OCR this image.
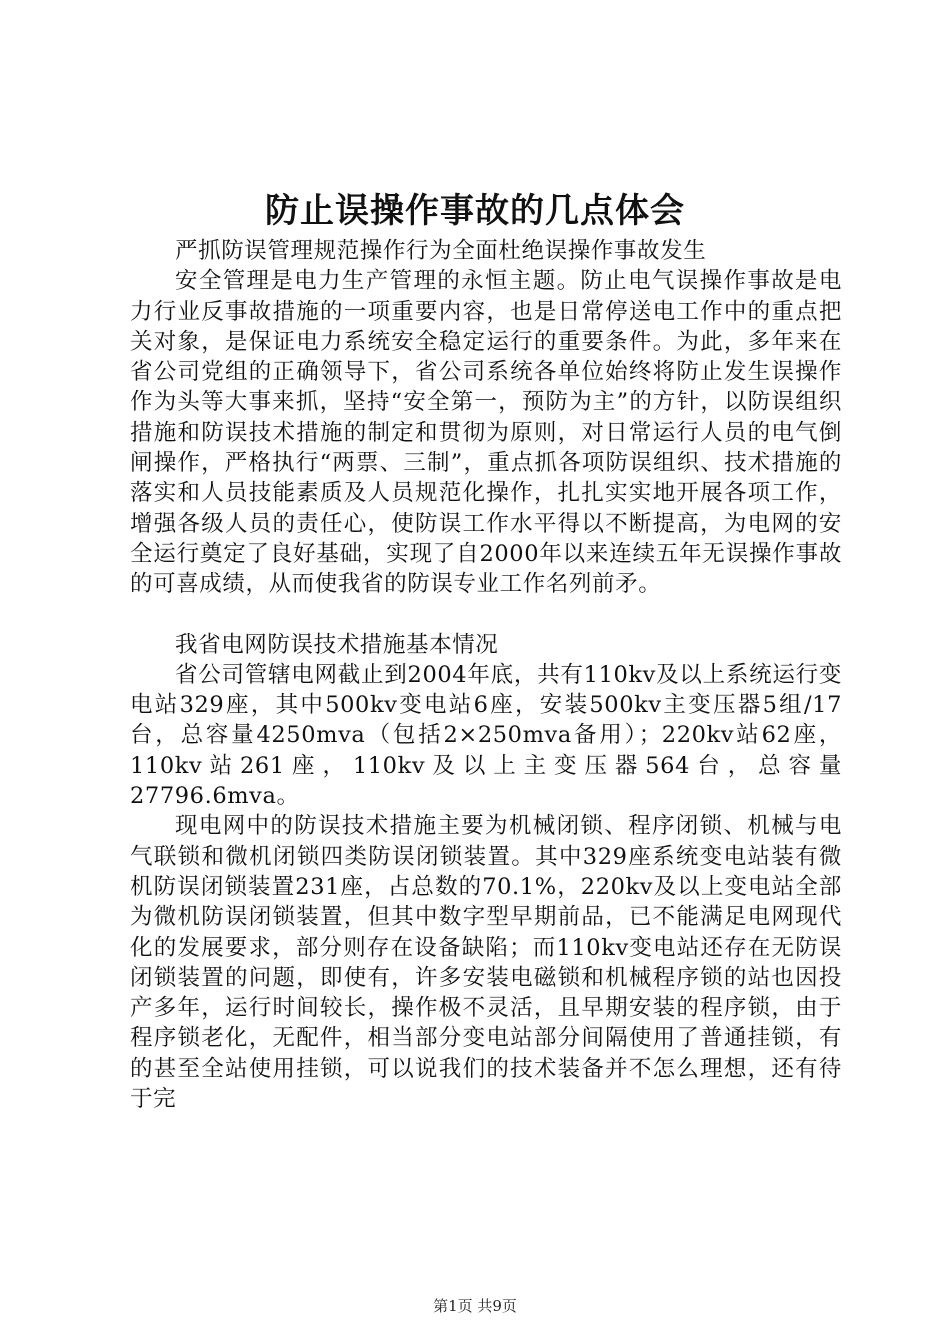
防止误操作事故的几点体会

严抓防误管理规范操作行为全面杜绝误操作事故发生

安全管理是电力生产管理的永恒主题。防止电气误操作事故是电力行业反事故措施的一项重要内容，也是日常停送电工作中的重点把关对象，是保证电力系统安全稳定运行的重要条件。为此，多年来在省公司党组的正确领导下，省公司系统各单位始终将防止发生误操作作为头等大事来抓，坚持“安全第一，预防为主”的方针，以防误组织措施和防误技术措施的制定和贯彻为原则，对日常运行人员的电气倒闸操作，严格执行“两票、三制”，重点抓各项防误组织、技术措施的落实和人员技能素质及人员规范化操作，扎扎实实地开展各项工作，增强各级人员的责任心，使防误工作水平得以不断提高，为电网的安全运行奠定了良好基础，实现了自2000年以来连续五年无误操作事故的可喜成绩，从而使我省的防误专业工作名列前矛。

我省电网防误技术措施基本情况

省公司管辖电网截止到2004年底，共有110kv及以上系统运行变电站329座，其中500kv变电站6座，安装500kv主变压器5组/17台，总容量4250mva（包括2×250mva备用）；220kv站62座，110kv站261座，110kv及以上主变压器564台，总容量27796.6mva。

现电网中的防误技术措施主要为机械闭锁、程序闭锁、机械与电气联锁和微机闭锁四类防误闭锁装置。其中329座系统变电站装有微机防误闭锁装置231座，占总数的70.1%，220kv及以上变电站全部为微机防误闭锁装置，但其中数字型早期前品，已不能满足电网现代化的发展要求，部分则存在设备缺陷；而110kv变电站还存在无防误闭锁装置的问题，即使有，许多安装电磁锁和机械程序锁的站也因投产多年，运行时间较长，操作极不灵活，且早期安装的程序锁，由于程序锁老化，无配件，相当部分变电站部分间隔使用了普通挂锁，有的甚至全站使用挂锁，可以说我们的技术装备并不怎么理想，还有待于完

第1页 共9页
